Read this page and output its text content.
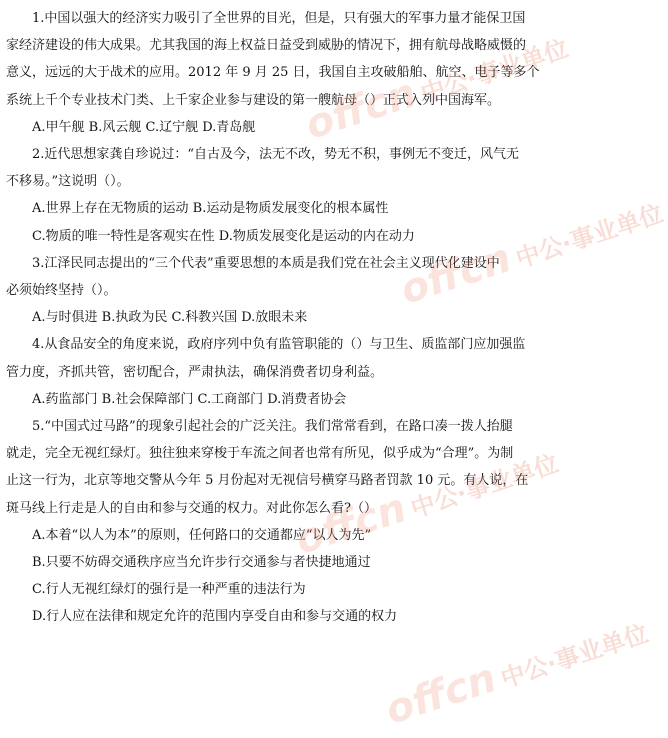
　　1.中国以强大的经济实力吸引了全世界的目光，但是，只有强大的军事力量才能保卫国
家经济建设的伟大成果。尤其我国的海上权益日益受到威胁的情况下，拥有航母战略威慑的
意义，远远的大于战术的应用。2012 年 9 月 25 日，我国自主攻破船舶、航空、电子等多个
系统上千个专业技术门类、上千家企业参与建设的第一艘航母（）正式入列中国海军。
　　A.甲午舰 B.风云舰 C.辽宁舰 D.青岛舰
　　2.近代思想家龚自珍说过：“自古及今，法无不改，势无不积，事例无不变迁，风气无
不移易。”这说明（）。
　　A.世界上存在无物质的运动 B.运动是物质发展变化的根本属性
　　C.物质的唯一特性是客观实在性 D.物质发展变化是运动的内在动力
　　3.江泽民同志提出的“三个代表”重要思想的本质是我们党在社会主义现代化建设中
必须始终坚持（）。
　　A.与时俱进 B.执政为民 C.科教兴国 D.放眼未来
　　4.从食品安全的角度来说，政府序列中负有监管职能的（）与卫生、质监部门应加强监
管力度，齐抓共管，密切配合，严肃执法，确保消费者切身利益。
　　A.药监部门 B.社会保障部门 C.工商部门 D.消费者协会
　　5.“中国式过马路”的现象引起社会的广泛关注。我们常常看到，在路口凑一拨人抬腿
就走，完全无视红绿灯。独往独来穿梭于车流之间者也常有所见，似乎成为“合理”。为制
止这一行为，北京等地交警从今年 5 月份起对无视信号横穿马路者罚款 10 元。有人说，在
斑马线上行走是人的自由和参与交通的权力。对此你怎么看?（）
　　A.本着“以人为本”的原则，任何路口的交通都应“以人为先”
　　B.只要不妨碍交通秩序应当允许步行交通参与者快捷地通过
　　C.行人无视红绿灯的强行是一种严重的违法行为
　　D.行人应在法律和规定允许的范围内享受自由和参与交通的权力
offcn中公·事业单位
offcn中公·事业单位
offcn中公·事业单位
offcn中公·事业单位
